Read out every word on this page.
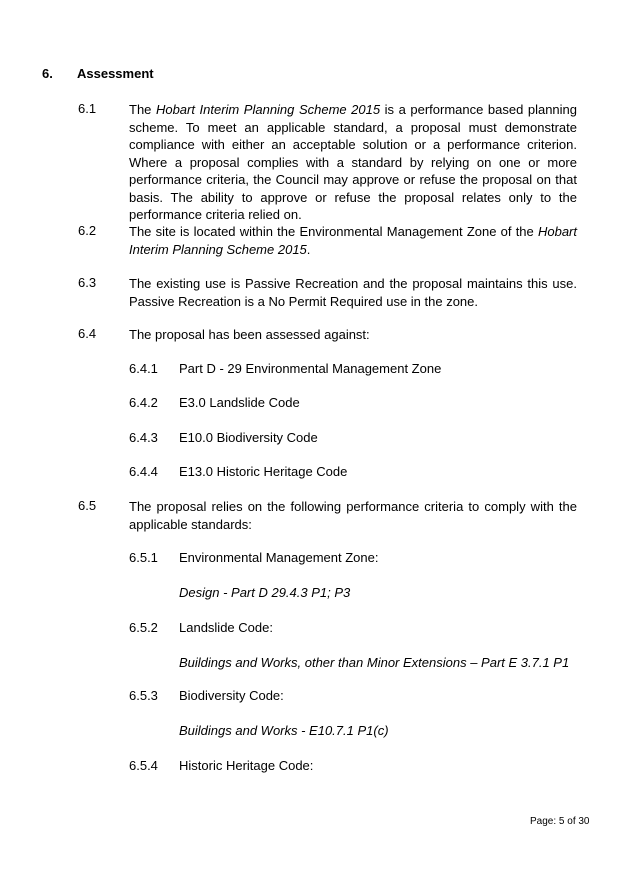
6. Assessment
6.1	The Hobart Interim Planning Scheme 2015 is a performance based planning scheme. To meet an applicable standard, a proposal must demonstrate compliance with either an acceptable solution or a performance criterion. Where a proposal complies with a standard by relying on one or more performance criteria, the Council may approve or refuse the proposal on that basis. The ability to approve or refuse the proposal relates only to the performance criteria relied on.
6.2	The site is located within the Environmental Management Zone of the Hobart Interim Planning Scheme 2015.
6.3	The existing use is Passive Recreation and the proposal maintains this use. Passive Recreation is a No Permit Required use in the zone.
6.4	The proposal has been assessed against:
6.4.1 Part D - 29 Environmental Management Zone
6.4.2 E3.0 Landslide Code
6.4.3 E10.0 Biodiversity Code
6.4.4 E13.0 Historic Heritage Code
6.5	The proposal relies on the following performance criteria to comply with the applicable standards:
6.5.1 Environmental Management Zone:
Design - Part D 29.4.3 P1; P3
6.5.2 Landslide Code:
Buildings and Works, other than Minor Extensions – Part E 3.7.1 P1
6.5.3 Biodiversity Code:
Buildings and Works - E10.7.1 P1(c)
6.5.4 Historic Heritage Code:
Page: 5 of 30
